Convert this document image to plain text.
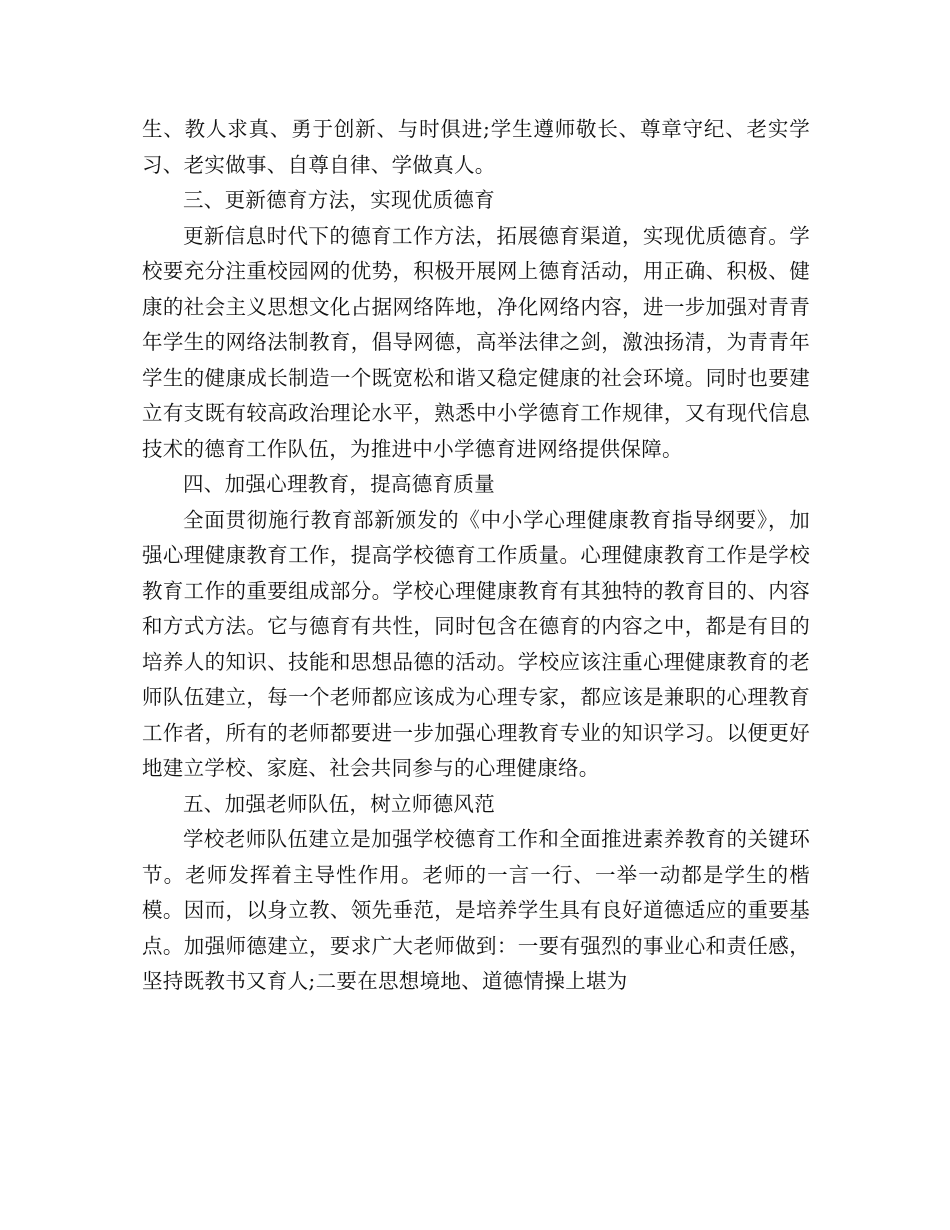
生、教人求真、勇于创新、与时俱进;学生遵师敬长、尊章守纪、老实学习、老实做事、自尊自律、学做真人。

三、更新德育方法，实现优质德育

更新信息时代下的德育工作方法，拓展德育渠道，实现优质德育。学校要充分注重校园网的优势，积极开展网上德育活动，用正确、积极、健康的社会主义思想文化占据网络阵地，净化网络内容，进一步加强对青青年学生的网络法制教育，倡导网德，高举法律之剑，激浊扬清，为青青年学生的健康成长制造一个既宽松和谐又稳定健康的社会环境。同时也要建立有支既有较高政治理论水平，熟悉中小学德育工作规律，又有现代信息技术的德育工作队伍，为推进中小学德育进网络提供保障。

四、加强心理教育，提高德育质量

全面贯彻施行教育部新颁发的《中小学心理健康教育指导纲要》，加强心理健康教育工作，提高学校德育工作质量。心理健康教育工作是学校教育工作的重要组成部分。学校心理健康教育有其独特的教育目的、内容和方式方法。它与德育有共性，同时包含在德育的内容之中，都是有目的培养人的知识、技能和思想品德的活动。学校应该注重心理健康教育的老师队伍建立，每一个老师都应该成为心理专家，都应该是兼职的心理教育工作者，所有的老师都要进一步加强心理教育专业的知识学习。以便更好地建立学校、家庭、社会共同参与的心理健康络。

五、加强老师队伍，树立师德风范

学校老师队伍建立是加强学校德育工作和全面推进素养教育的关键环节。老师发挥着主导性作用。老师的一言一行、一举一动都是学生的楷模。因而，以身立教、领先垂范，是培养学生具有良好道德适应的重要基点。加强师德建立，要求广大老师做到：一要有强烈的事业心和责任感，坚持既教书又育人;二要在思想境地、道德情操上堪为
